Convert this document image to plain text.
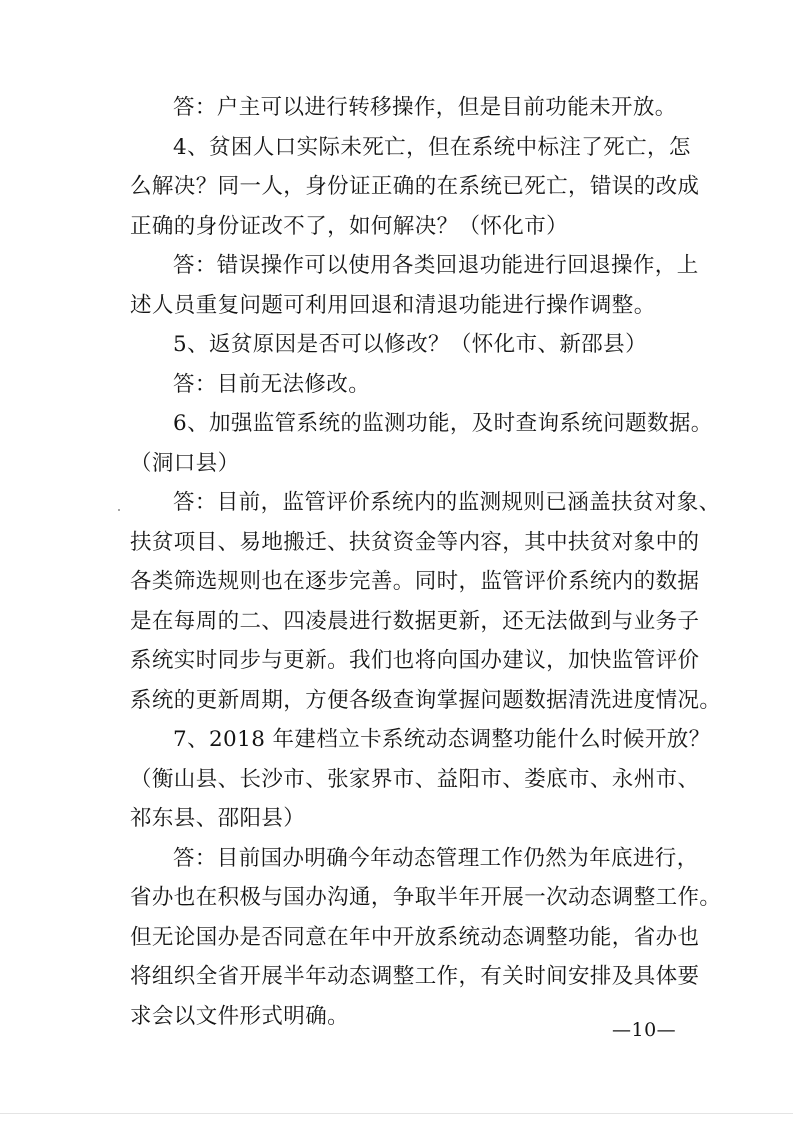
答：户主可以进行转移操作，但是目前功能未开放。
4、贫困人口实际未死亡，但在系统中标注了死亡，怎
么解决？同一人，身份证正确的在系统已死亡，错误的改成
正确的身份证改不了，如何解决？（怀化市）
答：错误操作可以使用各类回退功能进行回退操作，上
述人员重复问题可利用回退和清退功能进行操作调整。
5、返贫原因是否可以修改？（怀化市、新邵县）
答：目前无法修改。
6、加强监管系统的监测功能，及时查询系统问题数据。
（洞口县）
答：目前，监管评价系统内的监测规则已涵盖扶贫对象、
扶贫项目、易地搬迁、扶贫资金等内容，其中扶贫对象中的
各类筛选规则也在逐步完善。同时，监管评价系统内的数据
是在每周的二、四凌晨进行数据更新，还无法做到与业务子
系统实时同步与更新。我们也将向国办建议，加快监管评价
系统的更新周期，方便各级查询掌握问题数据清洗进度情况。
7、2018 年建档立卡系统动态调整功能什么时候开放？
（衡山县、长沙市、张家界市、益阳市、娄底市、永州市、
祁东县、邵阳县）
答：目前国办明确今年动态管理工作仍然为年底进行，
省办也在积极与国办沟通，争取半年开展一次动态调整工作。
但无论国办是否同意在年中开放系统动态调整功能，省办也
将组织全省开展半年动态调整工作，有关时间安排及具体要
求会以文件形式明确。
—10—
